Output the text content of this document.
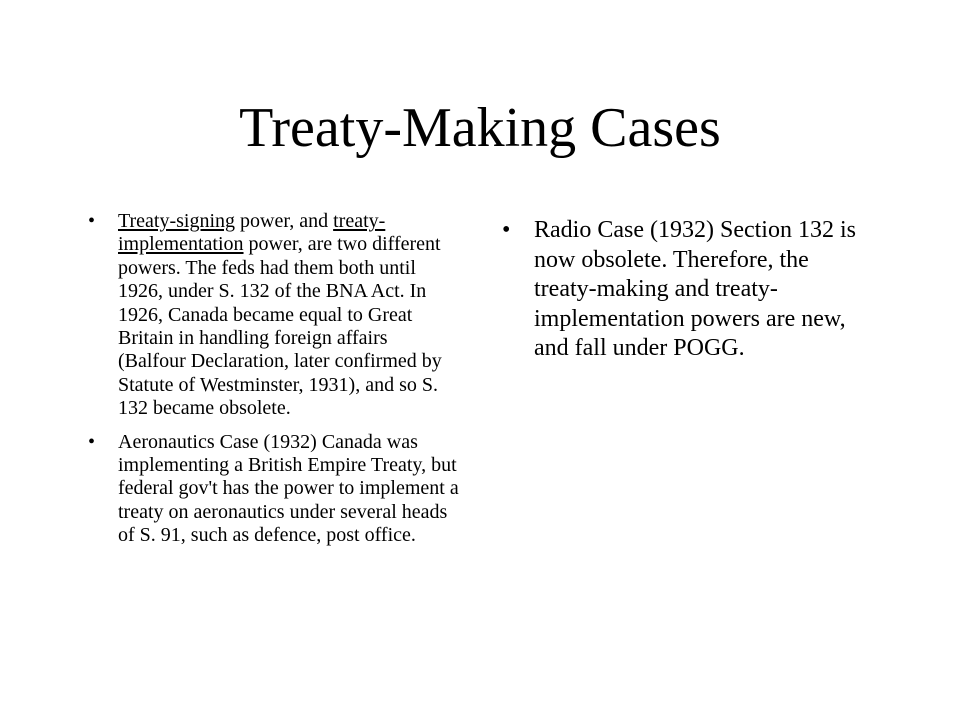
Treaty-Making Cases
• Treaty-signing power, and treaty-implementation power, are two different powers. The feds had them both until 1926, under S. 132 of the BNA Act. In 1926, Canada became equal to Great Britain in handling foreign affairs (Balfour Declaration, later confirmed by Statute of Westminster, 1931), and so S. 132 became obsolete.
• Aeronautics Case (1932) Canada was implementing a British Empire Treaty, but federal gov't has the power to implement a treaty on aeronautics under several heads of S. 91, such as defence, post office.
• Radio Case (1932) Section 132 is now obsolete. Therefore, the treaty-making and treaty-implementation powers are new, and fall under POGG.
